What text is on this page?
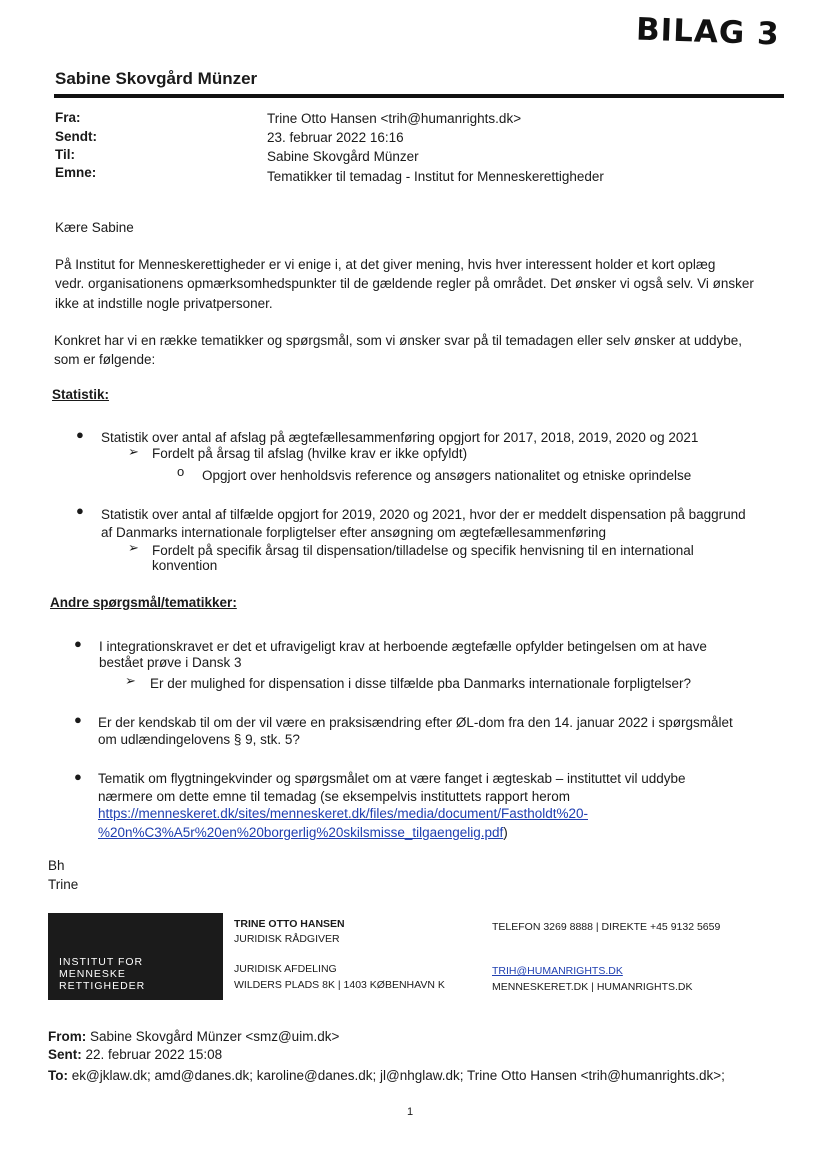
BILAG 3
Sabine Skovgård Münzer
Fra:	Trine Otto Hansen <trih@humanrights.dk>
Sendt:	23. februar 2022 16:16
Til:	Sabine Skovgård Münzer
Emne:	Tematikker til temadag - Institut for Menneskerettigheder
Kære Sabine
På Institut for Menneskerettigheder er vi enige i, at det giver mening, hvis hver interessent holder et kort oplæg
vedr. organisationens opmærksomhedspunkter til de gældende regler på området. Det ønsker vi også selv. Vi ønsker
ikke at indstille nogle privatpersoner.
Konkret har vi en række tematikker og spørgsmål, som vi ønsker svar på til temadagen eller selv ønsker at uddybe,
som er følgende:
Statistik:
● Statistik over antal af afslag på ægtefællesammenføring opgjort for 2017, 2018, 2019, 2020 og 2021
➢ Fordelt på årsag til afslag (hvilke krav er ikke opfyldt)
o Opgjort over henholdsvis reference og ansøgers nationalitet og etniske oprindelse
● Statistik over antal af tilfælde opgjort for 2019, 2020 og 2021, hvor der er meddelt dispensation på baggrund
af Danmarks internationale forpligtelser efter ansøgning om ægtefællesammenføring
➢ Fordelt på specifik årsag til dispensation/tilladelse og specifik henvisning til en international
konvention
Andre spørgsmål/tematikker:
● I integrationskravet er det et ufravigeligt krav at herboende ægtefælle opfylder betingelsen om at have
bestået prøve i Dansk 3
➢ Er der mulighed for dispensation i disse tilfælde pba Danmarks internationale forpligtelser?
● Er der kendskab til om der vil være en praksisændring efter ØL-dom fra den 14. januar 2022 i spørgsmålet
om udlændingelovens § 9, stk. 5?
● Tematik om flygtningekvinder og spørgsmålet om at være fanget i ægteskab – instituttet vil uddybe
nærmere om dette emne til temadag (se eksempelvis instituttets rapport herom
https://menneskeret.dk/sites/menneskeret.dk/files/media/document/Fastholdt%20-
%20n%C3%A5r%20en%20borgerlig%20skilsmisse_tilgaengelig.pdf)
Bh
Trine
INSTITUT FOR
MENNESKE
RETTIGHEDER
TRINE OTTO HANSEN
JURIDISK RÅDGIVER
JURIDISK AFDELING
WILDERS PLADS 8K | 1403 KØBENHAVN K
TELEFON 3269 8888 | DIREKTE +45 9132 5659
TRIH@HUMANRIGHTS.DK
MENNESKERET.DK | HUMANRIGHTS.DK
From: Sabine Skovgård Münzer <smz@uim.dk>
Sent: 22. februar 2022 15:08
To: ek@jklaw.dk; amd@danes.dk; karoline@danes.dk; jl@nhglaw.dk; Trine Otto Hansen <trih@humanrights.dk>;
1
